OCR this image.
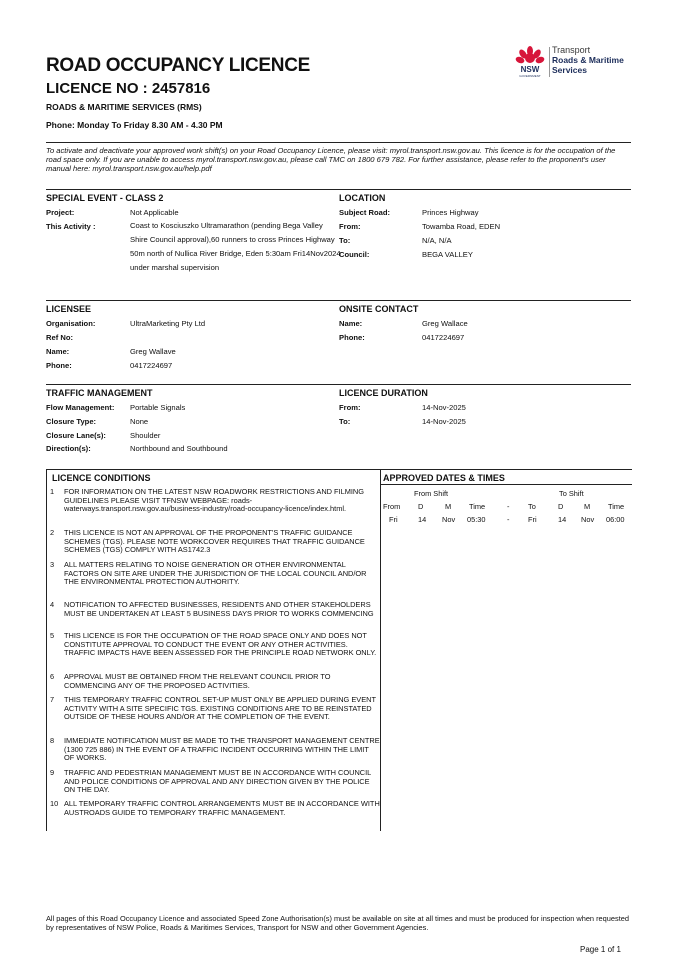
ROAD OCCUPANCY LICENCE
LICENCE NO : 2457816
ROADS & MARITIME SERVICES (RMS)
Phone: Monday To Friday 8.30 AM - 4.30 PM
NSW
GOVERNMENT
Transport
Roads & Maritime
Services
To activate and deactivate your approved work shift(s) on your Road Occupancy Licence, please visit: myrol.transport.nsw.gov.au. This licence is for the occupation of the road space only. If you are unable to access myrol.transport.nsw.gov.au, please call TMC on 1800 679 782. For further assistance, please refer to the proponent's user manual here: myrol.transport.nsw.gov.au/help.pdf
SPECIAL EVENT - CLASS 2
Project:	Not Applicable
This Activity :	Coast to Kosciuszko Ultramarathon (pending Bega Valley Shire Council approval),60 runners to cross Princes Highway 50m north of Nullica River Bridge, Eden 5:30am Fri14Nov2024 under marshal supervision
LOCATION
Subject Road:	Princes Highway
From:	Towamba Road, EDEN
To:	N/A, N/A
Council:	BEGA VALLEY
LICENSEE
Organisation:	UltraMarketing Pty Ltd
Ref No:
Name:	Greg Wallave
Phone:	0417224697
ONSITE CONTACT
Name:	Greg Wallace
Phone:	0417224697
TRAFFIC MANAGEMENT
Flow Management: Portable Signals
Closure Type:	None
Closure Lane(s):	Shoulder
Direction(s):	Northbound and Southbound
LICENCE DURATION
From:	14-Nov-2025
To:	14-Nov-2025
LICENCE CONDITIONS
1	FOR INFORMATION ON THE LATEST NSW ROADWORK RESTRICTIONS AND FILMING GUIDELINES PLEASE VISIT TFNSW WEBPAGE: roads-waterways.transport.nsw.gov.au/business-industry/road-occupancy-licence/index.html.
2	THIS LICENCE IS NOT AN APPROVAL OF THE PROPONENT'S TRAFFIC GUIDANCE SCHEMES (TGS). PLEASE NOTE WORKCOVER REQUIRES THAT TRAFFIC GUIDANCE SCHEMES (TGS) COMPLY WITH AS1742.3
3	ALL MATTERS RELATING TO NOISE GENERATION OR OTHER ENVIRONMENTAL FACTORS ON SITE ARE UNDER THE JURISDICTION OF THE LOCAL COUNCIL AND/OR THE ENVIRONMENTAL PROTECTION AUTHORITY.
4	NOTIFICATION TO AFFECTED BUSINESSES, RESIDENTS AND OTHER STAKEHOLDERS MUST BE UNDERTAKEN AT LEAST 5 BUSINESS DAYS PRIOR TO WORKS COMMENCING
5	THIS LICENCE IS FOR THE OCCUPATION OF THE ROAD SPACE ONLY AND DOES NOT CONSTITUTE APPROVAL TO CONDUCT THE EVENT OR ANY OTHER ACTIVITIES. TRAFFIC IMPACTS HAVE BEEN ASSESSED FOR THE PRINCIPLE ROAD NETWORK ONLY.
6	APPROVAL MUST BE OBTAINED FROM THE RELEVANT COUNCIL PRIOR TO COMMENCING ANY OF THE PROPOSED ACTIVITIES.
7	THIS TEMPORARY TRAFFIC CONTROL SET-UP MUST ONLY BE APPLIED DURING EVENT ACTIVITY WITH A SITE SPECIFIC TGS. EXISTING CONDITIONS ARE TO BE REINSTATED OUTSIDE OF THESE HOURS AND/OR AT THE COMPLETION OF THE EVENT.
8	IMMEDIATE NOTIFICATION MUST BE MADE TO THE TRANSPORT MANAGEMENT CENTRE (1300 725 886) IN THE EVENT OF A TRAFFIC INCIDENT OCCURRING WITHIN THE LIMIT OF WORKS.
9	TRAFFIC AND PEDESTRIAN MANAGEMENT MUST BE IN ACCORDANCE WITH COUNCIL AND POLICE CONDITIONS OF APPROVAL AND ANY DIRECTION GIVEN BY THE POLICE ON THE DAY.
10 ALL TEMPORARY TRAFFIC CONTROL ARRANGEMENTS MUST BE IN ACCORDANCE WITH AUSTROADS GUIDE TO TEMPORARY TRAFFIC MANAGEMENT.
APPROVED DATES & TIMES
From Shift	To Shift
From D	M Time	-	To	D	M Time
Fri	14 Nov 05:30	-	Fri	14 Nov 06:00
All pages of this Road Occupancy Licence and associated Speed Zone Authorisation(s) must be available on site at all times and must be produced for inspection when requested by representatives of NSW Police, Roads & Maritimes Services, Transport for NSW and other Government Agencies.
Page 1 of 1
